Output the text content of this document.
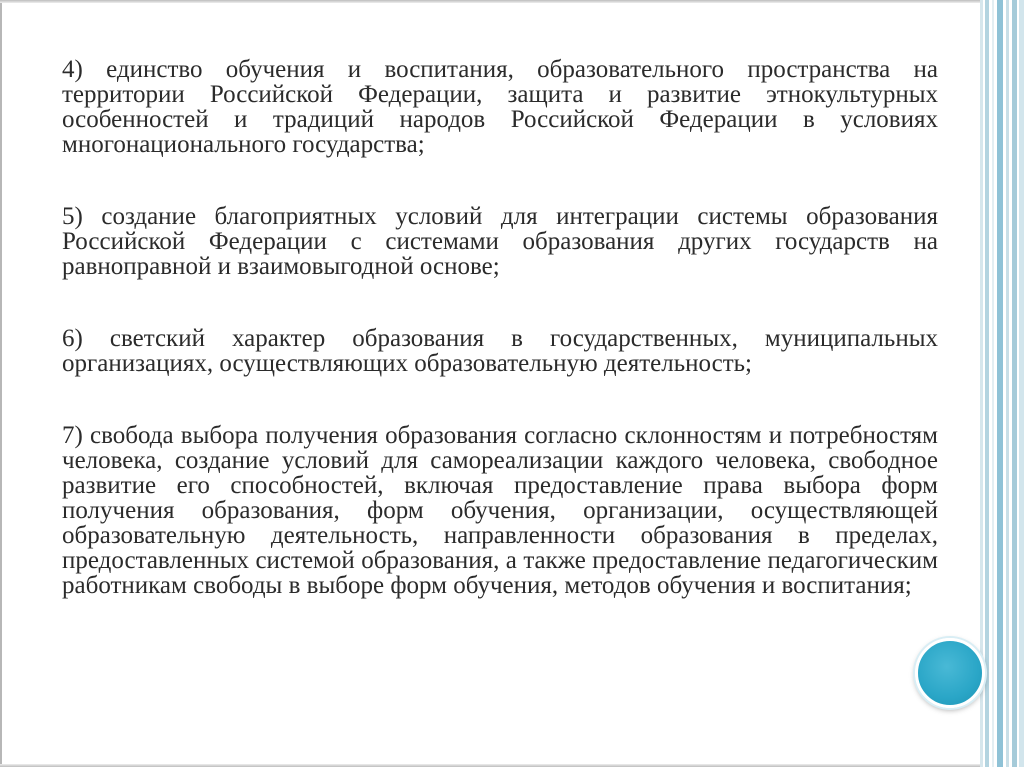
4) единство обучения и воспитания, образовательного пространства на территории Российской Федерации, защита и развитие этнокультурных особенностей и традиций народов Российской Федерации в условиях многонационального государства;

5) создание благоприятных условий для интеграции системы образования Российской Федерации с системами образования других государств на равноправной и взаимовыгодной основе;

6) светский характер образования в государственных, муниципальных организациях, осуществляющих образовательную деятельность;

7) свобода выбора получения образования согласно склонностям и потребностям человека, создание условий для самореализации каждого человека, свободное развитие его способностей, включая предоставление права выбора форм получения образования, форм обучения, организации, осуществляющей образовательную деятельность, направленности образования в пределах, предоставленных системой образования, а также предоставление педагогическим работникам свободы в выборе форм обучения, методов обучения и воспитания;
